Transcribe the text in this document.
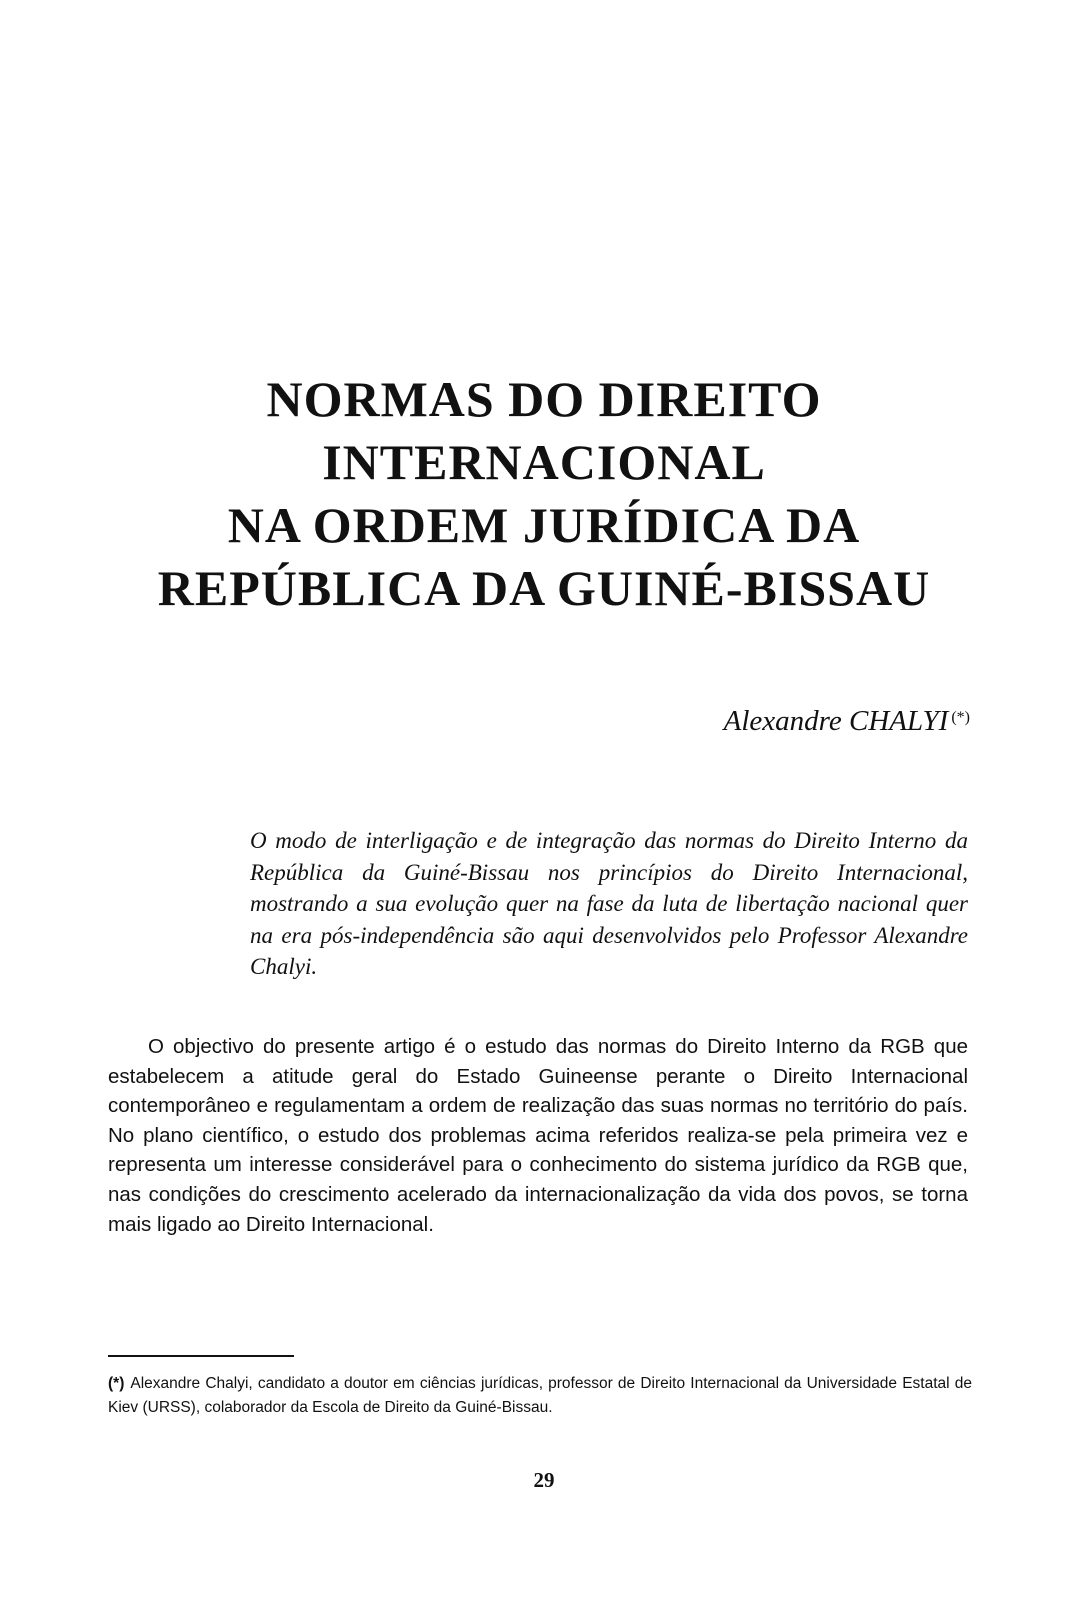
NORMAS DO DIREITO
INTERNACIONAL
NA ORDEM JURÍDICA DA
REPÚBLICA DA GUINÉ-BISSAU
Alexandre CHALYI (*)

O modo de interligação e de integração das normas do Direito Interno da República da Guiné-Bissau nos princípios do Direito Internacional, mostrando a sua evolução quer na fase da luta de libertação nacional quer na era pós-independência são aqui desenvolvidos pelo Professor Alexandre Chalyi.

O objectivo do presente artigo é o estudo das normas do Direito Interno da RGB que estabelecem a atitude geral do Estado Guineense perante o Direito Internacional contemporâneo e regulamentam a ordem de realização das suas normas no território do país. No plano científico, o estudo dos problemas acima referidos realiza-se pela primeira vez e representa um interesse considerável para o conhecimento do sistema jurídico da RGB que, nas condições do crescimento acelerado da internacionalização da vida dos povos, se torna mais ligado ao Direito Internacional.

(*) Alexandre Chalyi, candidato a doutor em ciências jurídicas, professor de Direito Internacional da Universidade Estatal de Kiev (URSS), colaborador da Escola de Direito da Guiné-Bissau.

29
